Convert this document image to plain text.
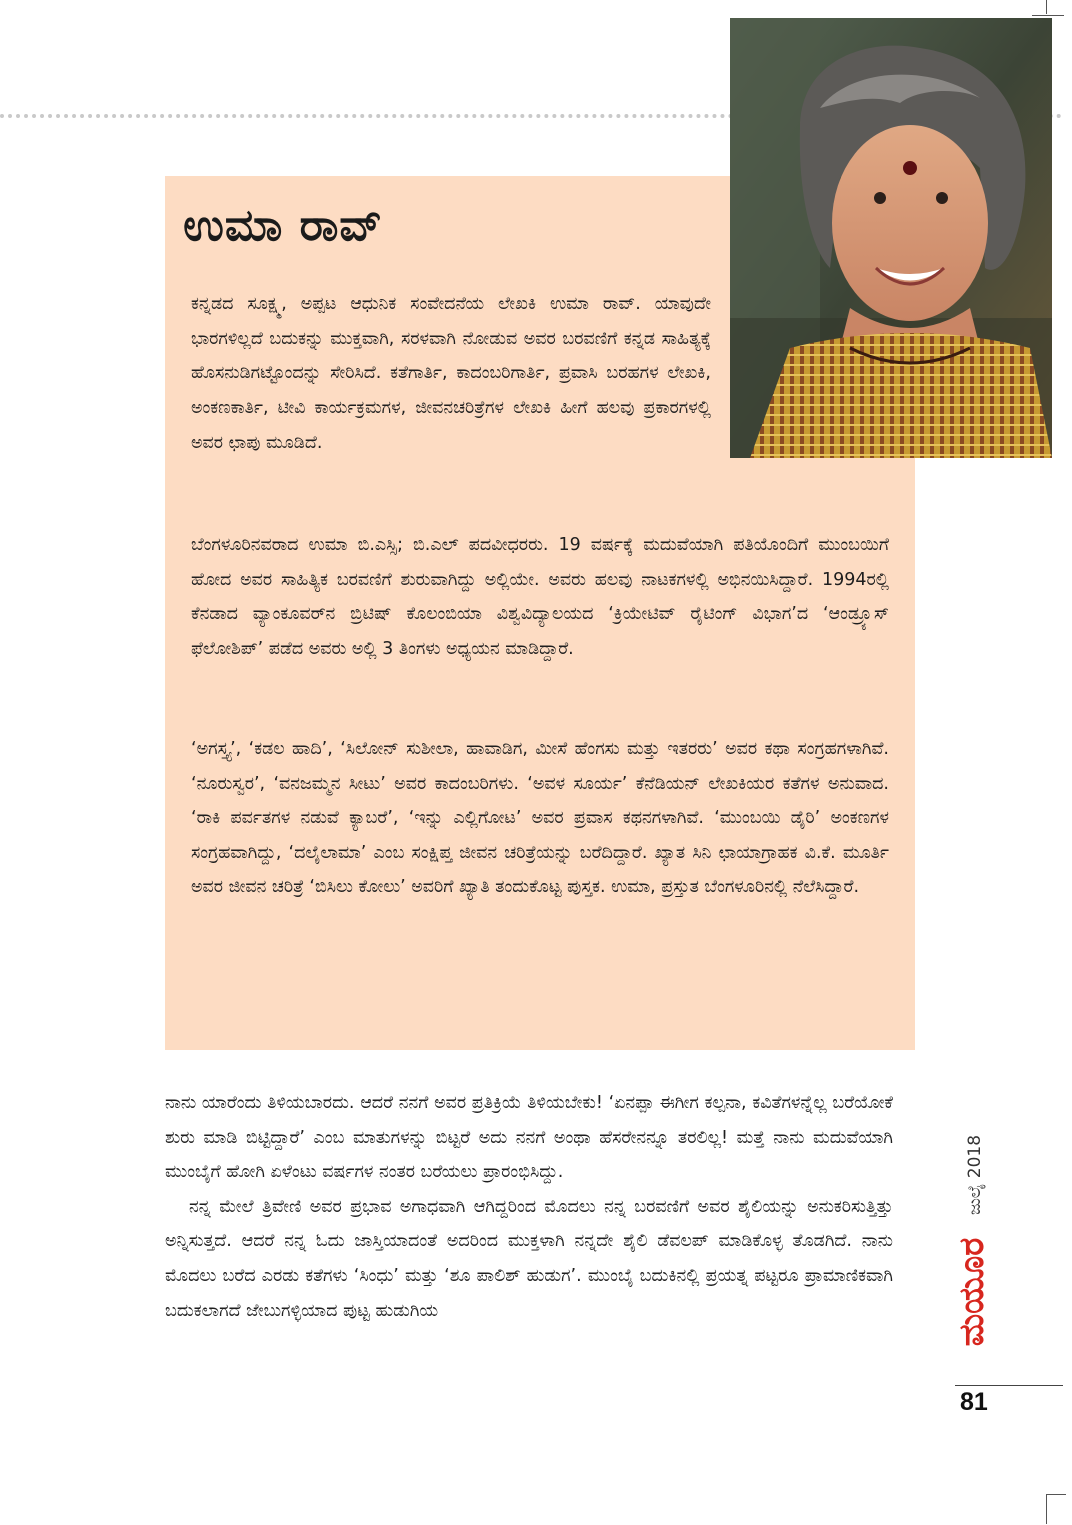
ಉಮಾ ರಾವ್

ಕನ್ನಡದ ಸೂಕ್ಷ್ಮ, ಅಪ್ಪಟ ಆಧುನಿಕ ಸಂವೇದನೆಯ ಲೇಖಕಿ ಉಮಾ ರಾವ್. ಯಾವುದೇ ಭಾರಗಳಿಲ್ಲದೆ ಬದುಕನ್ನು ಮುಕ್ತವಾಗಿ, ಸರಳವಾಗಿ ನೋಡುವ ಅವರ ಬರವಣಿಗೆ ಕನ್ನಡ ಸಾಹಿತ್ಯಕ್ಕೆ ಹೊಸನುಡಿಗಟ್ಟೊಂದನ್ನು ಸೇರಿಸಿದೆ. ಕತೆಗಾರ್ತಿ, ಕಾದಂಬರಿಗಾರ್ತಿ, ಪ್ರವಾಸಿ ಬರಹಗಳ ಲೇಖಕಿ, ಅಂಕಣಕಾರ್ತಿ, ಟೀವಿ ಕಾರ್ಯಕ್ರಮಗಳ, ಜೀವನಚರಿತ್ರೆಗಳ ಲೇಖಕಿ ಹೀಗೆ ಹಲವು ಪ್ರಕಾರಗಳಲ್ಲಿ ಅವರ ಛಾಪು ಮೂಡಿದೆ.

ಬೆಂಗಳೂರಿನವರಾದ ಉಮಾ ಬಿ.ಎಸ್ಸಿ; ಬಿ.ಎಲ್ ಪದವೀಧರರು. 19 ವರ್ಷಕ್ಕೆ ಮದುವೆಯಾಗಿ ಪತಿಯೊಂದಿಗೆ ಮುಂಬಯಿಗೆ ಹೋದ ಅವರ ಸಾಹಿತ್ಯಿಕ ಬರವಣಿಗೆ ಶುರುವಾಗಿದ್ದು ಅಲ್ಲಿಯೇ. ಅವರು ಹಲವು ನಾಟಕಗಳಲ್ಲಿ ಅಭಿನಯಿಸಿದ್ದಾರೆ. 1994ರಲ್ಲಿ ಕೆನಡಾದ ವ್ಯಾಂಕೂವರ್‌ನ ಬ್ರಿಟಿಷ್ ಕೊಲಂಬಿಯಾ ವಿಶ್ವವಿದ್ಯಾಲಯದ ‘ಕ್ರಿಯೇಟಿವ್ ರೈಟಿಂಗ್ ವಿಭಾಗ’ದ ‘ಆಂಡ್ರ್ಯೂಸ್ ಫೆಲೋಶಿಪ್’ ಪಡೆದ ಅವರು ಅಲ್ಲಿ 3 ತಿಂಗಳು ಅಧ್ಯಯನ ಮಾಡಿದ್ದಾರೆ.

‘ಅಗಸ್ತ್ಯ’, ‘ಕಡಲ ಹಾದಿ’, ‘ಸಿಲೋನ್ ಸುಶೀಲಾ, ಹಾವಾಡಿಗ, ಮೀಸೆ ಹೆಂಗಸು ಮತ್ತು ಇತರರು’ ಅವರ ಕಥಾ ಸಂಗ್ರಹಗಳಾಗಿವೆ. ‘ನೂರುಸ್ವರ’, ‘ವನಜಮ್ಮನ ಸೀಟು’ ಅವರ ಕಾದಂಬರಿಗಳು. ‘ಅವಳ ಸೂರ್ಯ’ ಕೆನೆಡಿಯನ್ ಲೇಖಕಿಯರ ಕತೆಗಳ ಅನುವಾದ. ‘ರಾಕಿ ಪರ್ವತಗಳ ನಡುವೆ ಕ್ಯಾಬರೆ’, ‘ಇನ್ನು ಎಲ್ಲಿಗೋಟ’ ಅವರ ಪ್ರವಾಸ ಕಥನಗಳಾಗಿವೆ. ‘ಮುಂಬಯಿ ಡೈರಿ’ ಅಂಕಣಗಳ ಸಂಗ್ರಹವಾಗಿದ್ದು, ‘ದಲೈಲಾಮಾ’ ಎಂಬ ಸಂಕ್ಷಿಪ್ತ ಜೀವನ ಚರಿತ್ರೆಯನ್ನು ಬರೆದಿದ್ದಾರೆ. ಖ್ಯಾತ ಸಿನಿ ಛಾಯಾಗ್ರಾಹಕ ವಿ.ಕೆ. ಮೂರ್ತಿ ಅವರ ಜೀವನ ಚರಿತ್ರೆ ‘ಬಿಸಿಲು ಕೋಲು’ ಅವರಿಗೆ ಖ್ಯಾತಿ ತಂದುಕೊಟ್ಟ ಪುಸ್ತಕ. ಉಮಾ, ಪ್ರಸ್ತುತ ಬೆಂಗಳೂರಿನಲ್ಲಿ ನೆಲೆಸಿದ್ದಾರೆ.

ನಾನು ಯಾರೆಂದು ತಿಳಿಯಬಾರದು. ಆದರೆ ನನಗೆ ಅವರ ಪ್ರತಿಕ್ರಿಯೆ ತಿಳಿಯಬೇಕು! ‘ಏನಪ್ಪಾ ಈಗೀಗ ಕಲ್ಪನಾ, ಕವಿತೆಗಳನ್ನೆಲ್ಲ ಬರೆಯೋಕೆ ಶುರು ಮಾಡಿ ಬಿಟ್ಟಿದ್ದಾರೆ’ ಎಂಬ ಮಾತುಗಳನ್ನು ಬಿಟ್ಟರೆ ಅದು ನನಗೆ ಅಂಥಾ ಹೆಸರೇನನ್ನೂ ತರಲಿಲ್ಲ! ಮತ್ತೆ ನಾನು ಮದುವೆಯಾಗಿ ಮುಂಬೈಗೆ ಹೋಗಿ ಏಳೆಂಟು ವರ್ಷಗಳ ನಂತರ ಬರೆಯಲು ಪ್ರಾರಂಭಿಸಿದ್ದು.

ನನ್ನ ಮೇಲೆ ತ್ರಿವೇಣಿ ಅವರ ಪ್ರಭಾವ ಅಗಾಧವಾಗಿ ಆಗಿದ್ದರಿಂದ ಮೊದಲು ನನ್ನ ಬರವಣಿಗೆ ಅವರ ಶೈಲಿಯನ್ನು ಅನುಕರಿಸುತ್ತಿತ್ತು ಅನ್ನಿಸುತ್ತದೆ. ಆದರೆ ನನ್ನ ಓದು ಜಾಸ್ತಿಯಾದಂತೆ ಅದರಿಂದ ಮುಕ್ತಳಾಗಿ ನನ್ನದೇ ಶೈಲಿ ಡೆವಲಪ್ ಮಾಡಿಕೊಳ್ಳ ತೊಡಗಿದೆ. ನಾನು ಮೊದಲು ಬರೆದ ಎರಡು ಕತೆಗಳು ‘ಸಿಂಧು’ ಮತ್ತು ‘ಶೂ ಪಾಲಿಶ್ ಹುಡುಗ’. ಮುಂಬೈ ಬದುಕಿನಲ್ಲಿ ಪ್ರಯತ್ನ ಪಟ್ಟರೂ ಪ್ರಾಮಾಣಿಕವಾಗಿ ಬದುಕಲಾಗದೆ ಜೇಬುಗಳ್ಳಿಯಾದ ಪುಟ್ಟ ಹುಡುಗಿಯ

ಜುಲೈ 2018
ಮಯೂರ

81
